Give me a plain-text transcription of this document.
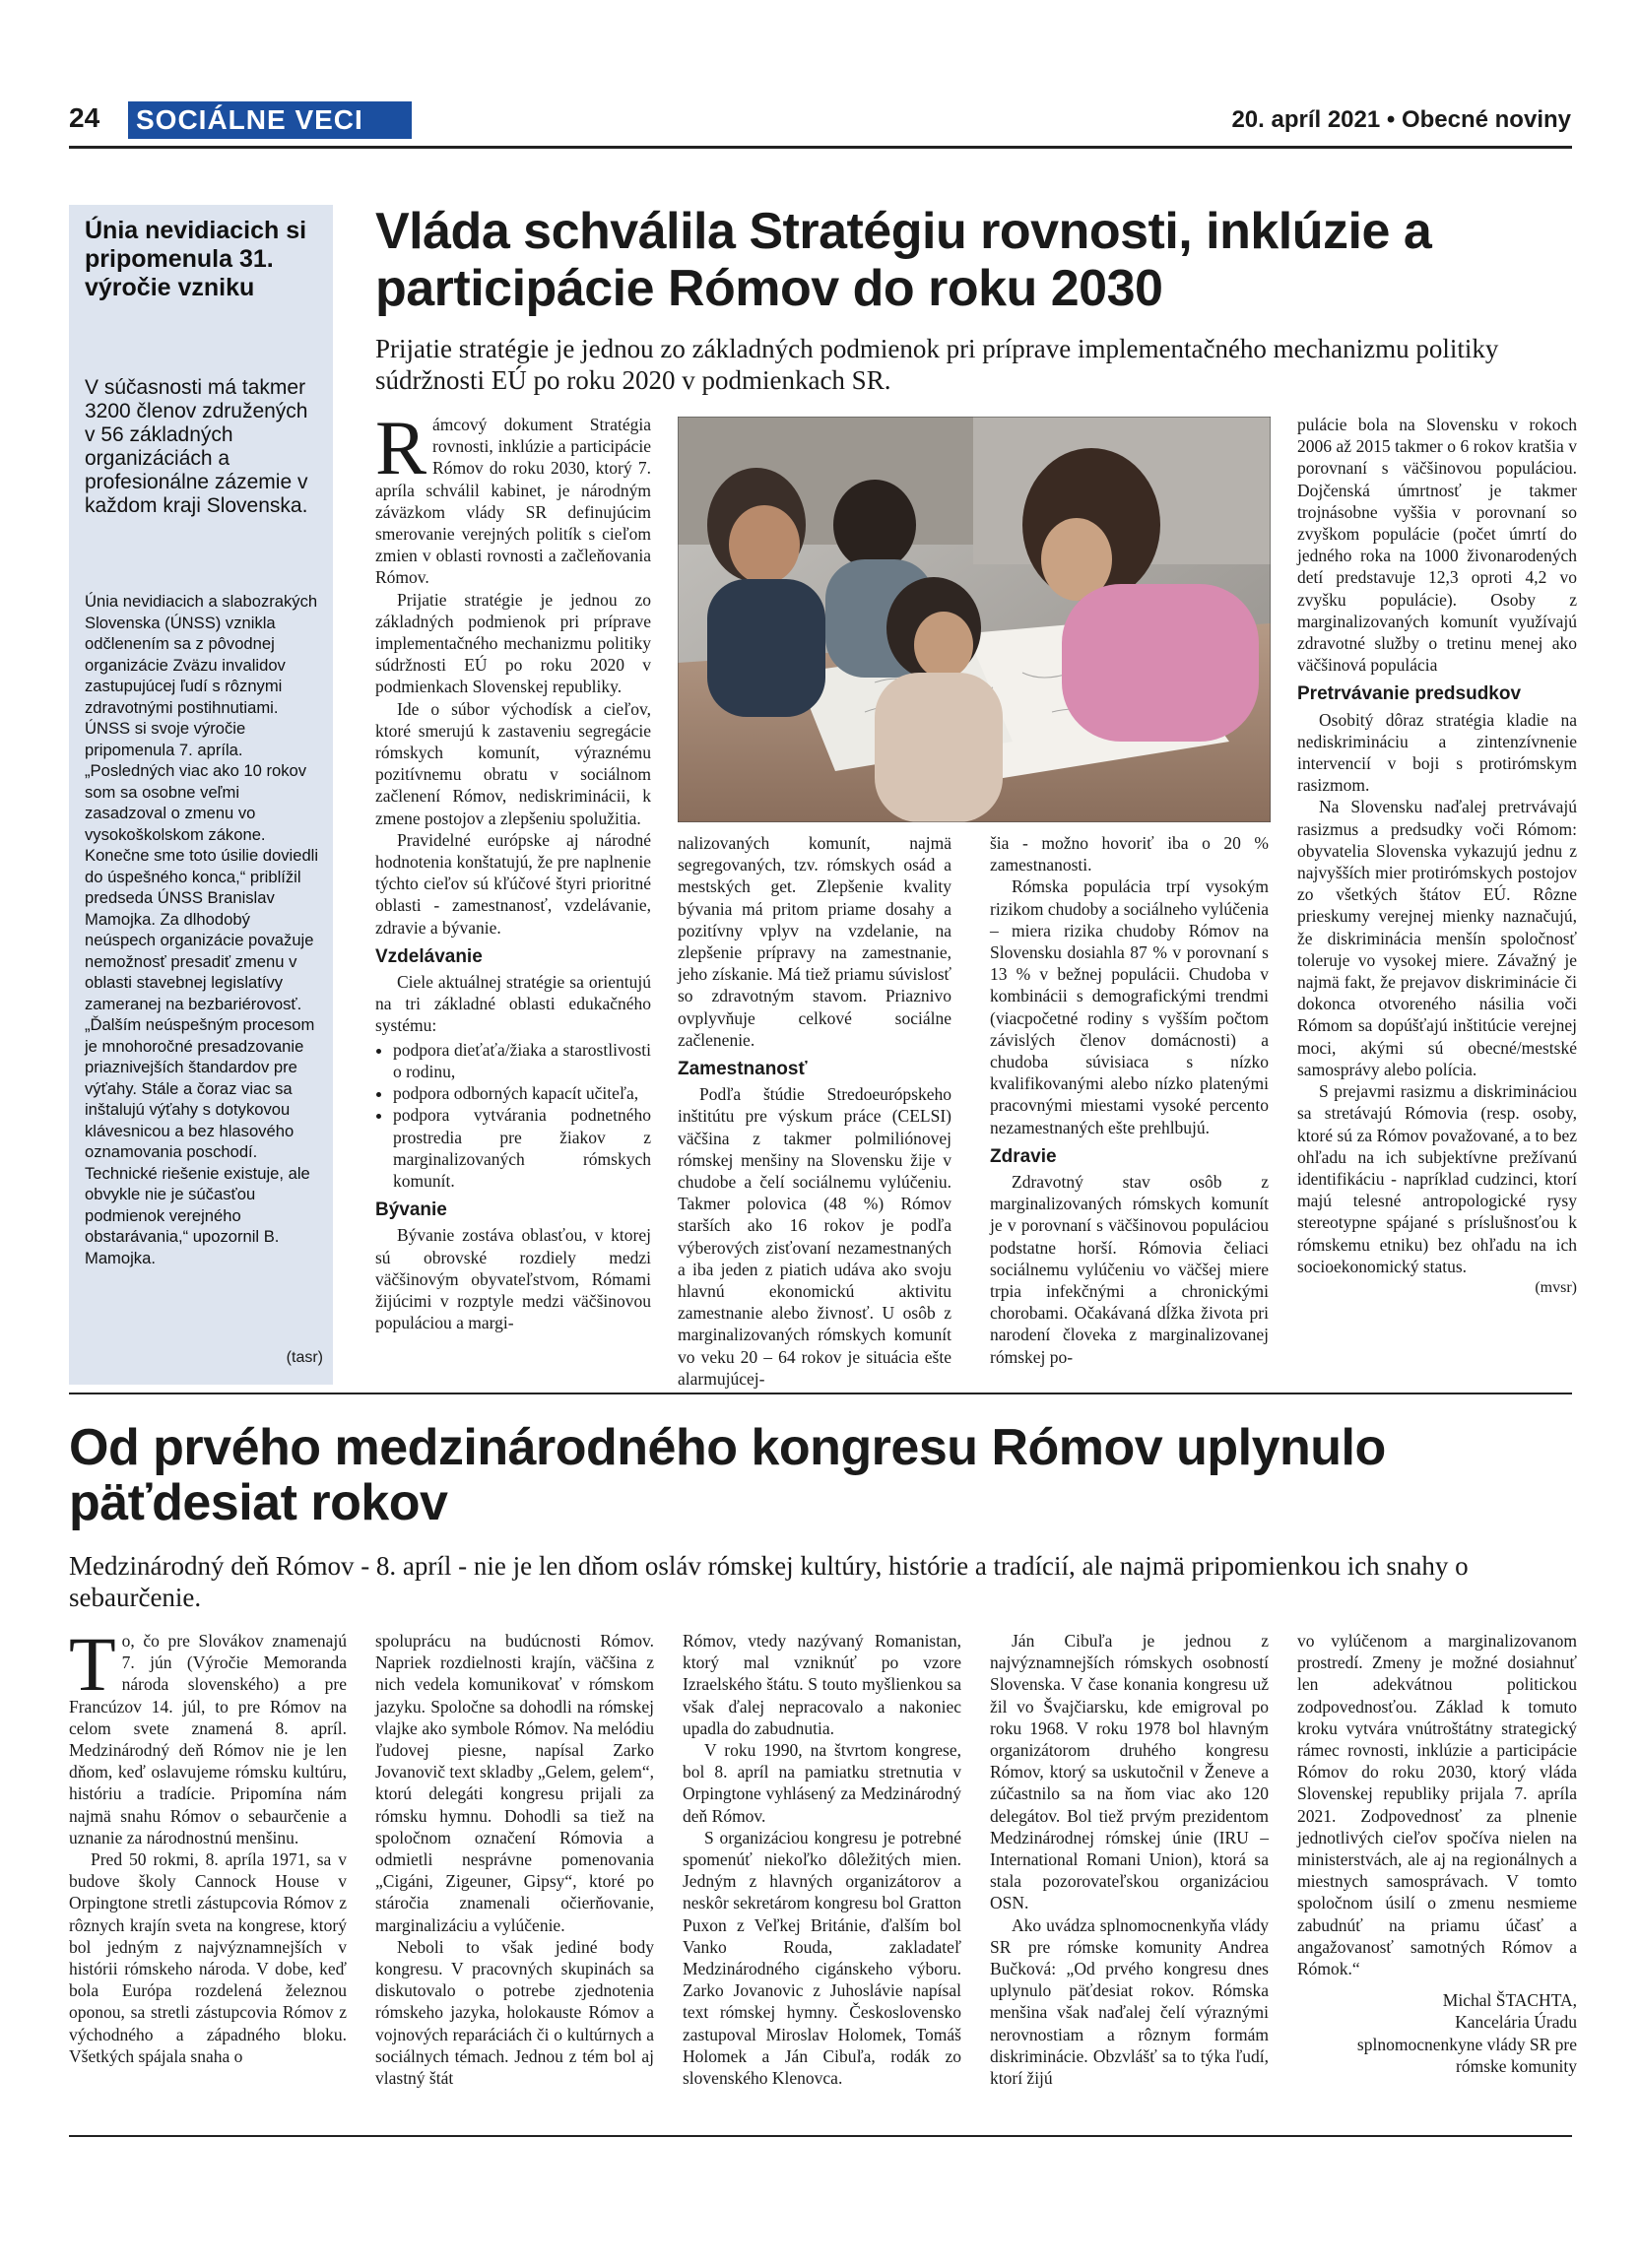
24 SOCIÁLNE VECI	20. apríl 2021 • Obecné noviny
Únia nevidiacich si pripomenula 31. výročie vzniku
V súčasnosti má takmer 3200 členov združených v 56 základných organizáciách a profesionálne zázemie v každom kraji Slovenska.
Únia nevidiacich a slabozrakých Slovenska (ÚNSS) vznikla odčlenením sa z pôvodnej organizácie Zväzu invalidov zastupujúcej ľudí s rôznymi zdravotnými postihnutiami. ÚNSS si svoje výročie pripomenula 7. apríla. „Posledných viac ako 10 rokov som sa osobne veľmi zasadzoval o zmenu vo vysokoškolskom zákone. Konečne sme toto úsilie doviedli do úspešného konca,“ priblížil predseda ÚNSS Branislav Mamojka. Za dlhodobý neúspech organizácie považuje nemožnosť presadiť zmenu v oblasti stavebnej legislatívy zameranej na bezbariérovosť. „Ďalším neúspešným procesom je mnohoročné presadzovanie priaznivejších štandardov pre výťahy. Stále a čoraz viac sa inštalujú výťahy s dotykovou klávesnicou a bez hlasového oznamovania poschodí. Technické riešenie existuje, ale obvykle nie je súčasťou podmienok verejného obstarávania,“ upozornil B. Mamojka.
(tasr)
Vláda schválila Stratégiu rovnosti, inklúzie a participácie Rómov do roku 2030
Prijatie stratégie je jednou zo základných podmienok pri príprave implementačného mechanizmu politiky súdržnosti EÚ po roku 2020 v podmienkach SR.
R ámcový dokument Stratégia rovnosti, inklúzie a participácie Rómov do roku 2030, ktorý 7. apríla schválil kabinet, je národným záväzkom vlády SR definujúcim smerovanie verejných politík s cieľom zmien v oblasti rovnosti a začleňovania Rómov.

Prijatie stratégie je jednou zo základných podmienok pri príprave implementačného mechanizmu politiky súdržnosti EÚ po roku 2020 v podmienkach Slovenskej republiky.

Ide o súbor východísk a cieľov, ktoré smerujú k zastaveniu segregácie rómskych komunít, výraznému pozitívnemu obratu v sociálnom začlenení Rómov, nediskriminácii, k zmene postojov a zlepšeniu spolužitia.

Pravidelné európske aj národné hodnotenia konštatujú, že pre naplnenie týchto cieľov sú kľúčové štyri prioritné oblasti - zamestnanosť, vzdelávanie, zdravie a bývanie.

Vzdelávanie

Ciele aktuálnej stratégie sa orientujú na tri základné oblasti edukačného systému:

• podpora dieťaťa/žiaka a starostlivosti o rodinu,
• podpora odborných kapacít učiteľa,
• podpora vytvárania podnetného prostredia pre žiakov z marginalizovaných rómskych komunít.
Bývanie

Bývanie zostáva oblasťou, v ktorej sú obrovské rozdiely medzi väčšinovým obyvateľstvom, Rómami žijúcimi v rozptyle medzi väčšinovou populáciou a margi-

nalizovaných komunít, najmä segregovaných, tzv. rómskych osád a mestských get. Zlepšenie kvality bývania má pritom priame dosahy a pozitívny vplyv na vzdelanie, na zlepšenie prípravy na zamestnanie, jeho získanie. Má tiež priamu súvislosť so zdravotným stavom. Priaznivo ovplyvňuje celkové sociálne začlenenie.

Zamestnanosť

Podľa štúdie Stredoeurópskeho inštitútu pre výskum práce (CELSI) väčšina z takmer polmiliónovej rómskej menšiny na Slovensku žije v chudobe a čelí sociálnemu vylúčeniu. Takmer polovica (48 %) Rómov starších ako 16 rokov je podľa výberových zisťovaní nezamestnaných a iba jeden z piatich udáva ako svoju hlavnú ekonomickú aktivitu zamestnanie alebo živnosť. U osôb z marginalizovaných rómskych komunít vo veku 20 – 64 rokov je situácia ešte alarmujúcej-

šia - možno hovoriť iba o 20 % zamestnanosti.

Rómska populácia trpí vysokým rizikom chudoby a sociálneho vylúčenia – miera rizika chudoby Rómov na Slovensku dosiahla 87 % v porovnaní s 13 % v bežnej populácii. Chudoba v kombinácii s demografickými trendmi (viacpočetné rodiny s vyšším počtom závislých členov domácnosti) a chudoba súvisiaca s nízko kvalifikovanými alebo nízko platenými pracovnými miestami vysoké percento nezamestnaných ešte prehlbujú.

Zdravie

Zdravotný stav osôb z marginalizovaných rómskych komunít je v porovnaní s väčšinovou populáciou podstatne horší. Rómovia čeliaci sociálnemu vylúčeniu vo väčšej miere trpia infekčnými a chronickými chorobami. Očakávaná dĺžka života pri narodení človeka z marginalizovanej rómskej po-

pulácie bola na Slovensku v rokoch 2006 až 2015 takmer o 6 rokov kratšia v porovnaní s väčšinovou populáciou. Dojčenská úmrtnosť je takmer trojnásobne vyššia v porovnaní so zvyškom populácie (počet úmrtí do jedného roka na 1000 živonarodených detí predstavuje 12,3 oproti 4,2 vo zvyšku populácie). Osoby z marginalizovaných komunít využívajú zdravotné služby o tretinu menej ako väčšinová populácia

Pretrvávanie predsudkov

Osobitý dôraz stratégia kladie na nediskrimináciu a zintenzívnenie intervencií v boji s protirómskym rasizmom.

Na Slovensku naďalej pretrvávajú rasizmus a predsudky voči Rómom: obyvatelia Slovenska vykazujú jednu z najvyšších mier protirómskych postojov zo všetkých štátov EÚ. Rôzne prieskumy verejnej mienky naznačujú, že diskriminácia menšín spoločnosť toleruje vo vysokej miere. Závažný je najmä fakt, že prejavov diskriminácie či dokonca otvoreného násilia voči Rómom sa dopúšťajú inštitúcie verejnej moci, akými sú obecné/mestské samosprávy alebo polícia.

S prejavmi rasizmu a diskrimináciou sa stretávajú Rómovia (resp. osoby, ktoré sú za Rómov považované, a to bez ohľadu na ich subjektívne prežívanú identifikáciu - napríklad cudzinci, ktorí majú telesné antropologické rysy stereotypne spájané s príslušnosťou k rómskemu etniku) bez ohľadu na ich socioekonomický status.

(mvsr)
Od prvého medzinárodného kongresu Rómov uplynulo päťdesiat rokov
Medzinárodný deň Rómov - 8. apríl - nie je len dňom osláv rómskej kultúry, histórie a tradícií, ale najmä pripomienkou ich snahy o sebaurčenie.
T o, čo pre Slovákov znamenajú 7. jún (Výročie Memoranda národa slovenského) a pre Francúzov 14. júl, to pre Rómov na celom svete znamená 8. apríl. Medzinárodný deň Rómov nie je len dňom, keď oslavujeme rómsku kultúru, históriu a tradície. Pripomína nám najmä snahu Rómov o sebaurčenie a uznanie za národnostnú menšinu.

Pred 50 rokmi, 8. apríla 1971, sa v budove školy Cannock House v Orpingtone stretli zástupcovia Rómov z rôznych krajín sveta na kongrese, ktorý bol jedným z najvýznamnejších v histórii rómskeho národa. V dobe, keď bola Európa rozdelená železnou oponou, sa stretli zástupcovia Rómov z východného a západného bloku. Všetkých spájala snaha o

spoluprácu na budúcnosti Rómov. Napriek rozdielnosti krajín, väčšina z nich vedela komunikovať v rómskom jazyku. Spoločne sa dohodli na rómskej vlajke ako symbole Rómov. Na melódiu ľudovej piesne, napísal Zarko Jovanovič text skladby „Gelem, gelem“, ktorú delegáti kongresu prijali za rómsku hymnu. Dohodli sa tiež na spoločnom označení Rómovia a odmietli nesprávne pomenovania „Cigáni, Zigeuner, Gipsy“, ktoré po stáročia znamenali očierňovanie, marginalizáciu a vylúčenie.

Neboli to však jediné body kongresu. V pracovných skupinách sa diskutovalo o potrebe zjednotenia rómskeho jazyka, holokauste Rómov a vojnových reparáciách či o kultúrnych a sociálnych témach. Jednou z tém bol aj vlastný štát

Rómov, vtedy nazývaný Romanistan, ktorý mal vzniknúť po vzore Izraelského štátu. S touto myšlienkou sa však ďalej nepracovalo a nakoniec upadla do zabudnutia.

V roku 1990, na štvrtom kongrese, bol 8. apríl na pamiatku stretnutia v Orpingtone vyhlásený za Medzinárodný deň Rómov.

S organizáciou kongresu je potrebné spomenúť niekoľko dôležitých mien. Jedným z hlavných organizátorov a neskôr sekretárom kongresu bol Gratton Puxon z Veľkej Británie, ďalším bol Vanko Rouda, zakladateľ Medzinárodného cigánskeho výboru. Zarko Jovanovic z Juhoslávie napísal text rómskej hymny. Československo zastupoval Miroslav Holomek, Tomáš Holomek a Ján Cibuľa, rodák zo slovenského Klenovca.

Ján Cibuľa je jednou z najvýznamnejších rómskych osobností Slovenska. V čase konania kongresu už žil vo Švajčiarsku, kde emigroval po roku 1968. V roku 1978 bol hlavným organizátorom druhého kongresu Rómov, ktorý sa uskutočnil v Ženeve a zúčastnilo sa na ňom viac ako 120 delegátov. Bol tiež prvým prezidentom Medzinárodnej rómskej únie (IRU – International Romani Union), ktorá sa stala pozorovateľskou organizáciou OSN.

Ako uvádza splnomocnenkyňa vlády SR pre rómske komunity Andrea Bučková: „Od prvého kongresu dnes uplynulo päťdesiat rokov. Rómska menšina však naďalej čelí výraznými nerovnostiam a rôznym formám diskriminácie. Obzvlášť sa to týka ľudí, ktorí žijú

vo vylúčenom a marginalizovanom prostredí. Zmeny je možné dosiahnuť len adekvátnou politickou zodpovednosťou. Základ k tomuto kroku vytvára vnútroštátny strategický rámec rovnosti, inklúzie a participácie Rómov do roku 2030, ktorý vláda Slovenskej republiky prijala 7. apríla 2021. Zodpovednosť za plnenie jednotlivých cieľov spočíva nielen na ministerstvách, ale aj na regionálnych a miestnych samosprávach. V tomto spoločnom úsilí o zmenu nesmieme zabudnúť na priamu účasť a angažovanosť samotných Rómov a Rómok.“

Michal ŠTACHTA,
Kancelária Úradu splnomocnenkyne vlády SR pre rómske komunity
